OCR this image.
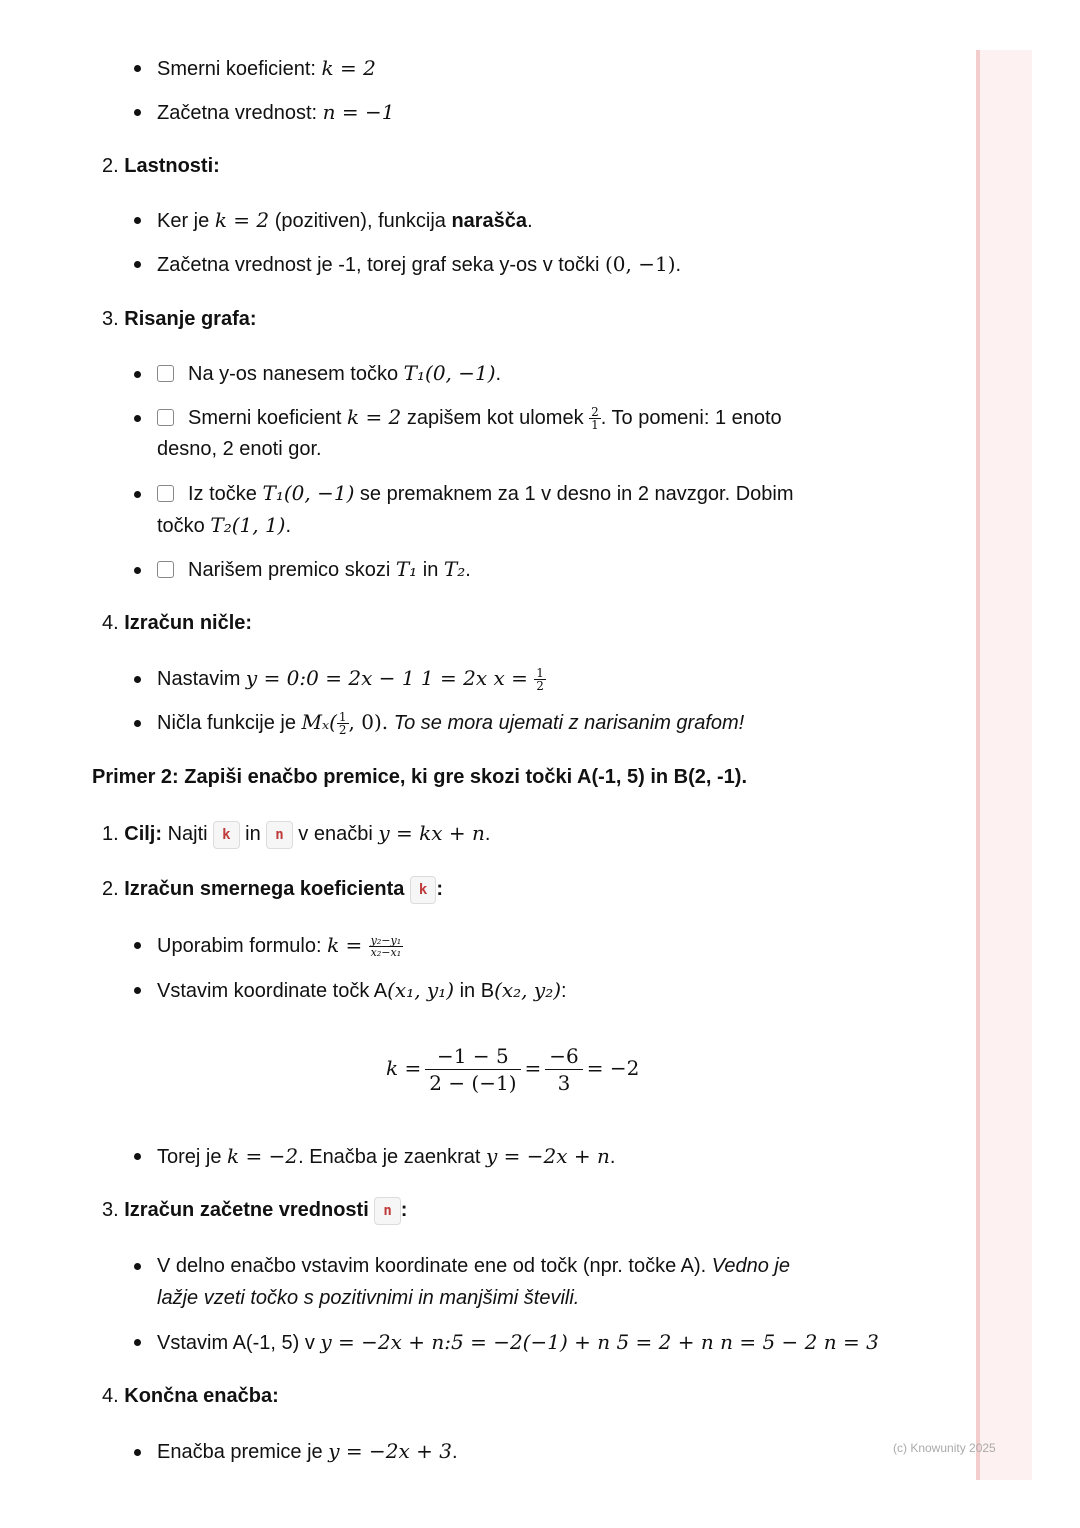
Smerni koeficient: k = 2
Začetna vrednost: n = −1
2. Lastnosti:
Ker je k = 2 (pozitiven), funkcija narašča.
Začetna vrednost je -1, torej graf seka y-os v točki (0, −1).
3. Risanje grafa:
Na y-os nanesem točko T₁(0, −1).
Smerni koeficient k = 2 zapišem kot ulomek $\frac{2}{1}$ . To pomeni: 1 enoto
desno, 2 enoti gor.
Iz točke T₁(0, −1) se premaknem za 1 v desno in 2 navzgor. Dobim
točko T₂(1, 1).
Narišem premico skozi T₁ in T₂.
4. Izračun ničle:
Nastavim y = 0:0 = 2x − 1 1 = 2x $x = \frac{1}{2}$
Ničla funkcije je $M_x( \frac{1}{2}$ , 0). To se mora ujemati z narisanim grafom!
Primer 2: Zapiši enačbo premice, ki gre skozi točki A(-1, 5) in B(2, -1).
1. Cilj: Najti k in n v enačbi y = kx + n.
2. Izračun smernega koeficienta k :
Uporabim formulo: $k = \frac{\text{y₂−y₁}}{\text{x₂−x₁}}$
Vstavim koordinate točk A(x₁, y₁) in B(x₂, y₂):
$k = \frac{-1 - 5}{2 - (-1)} = \frac{-6}{3} = -2$
Torej je k = −2. Enačba je zaenkrat y = −2x + n.
3. Izračun začetne vrednosti n :
V delno enačbo vstavim koordinate ene od točk (npr. točke A). Vedno je
lažje vzeti točko s pozitivnimi in manjšimi števili.
Vstavim A(-1, 5) v y = −2x + n:5 = −2(−1) + n 5 = 2 + n n = 5 − 2 n = 3
4. Končna enačba:
Enačba premice je y = −2x + 3.	(c) Knowunity 2025
